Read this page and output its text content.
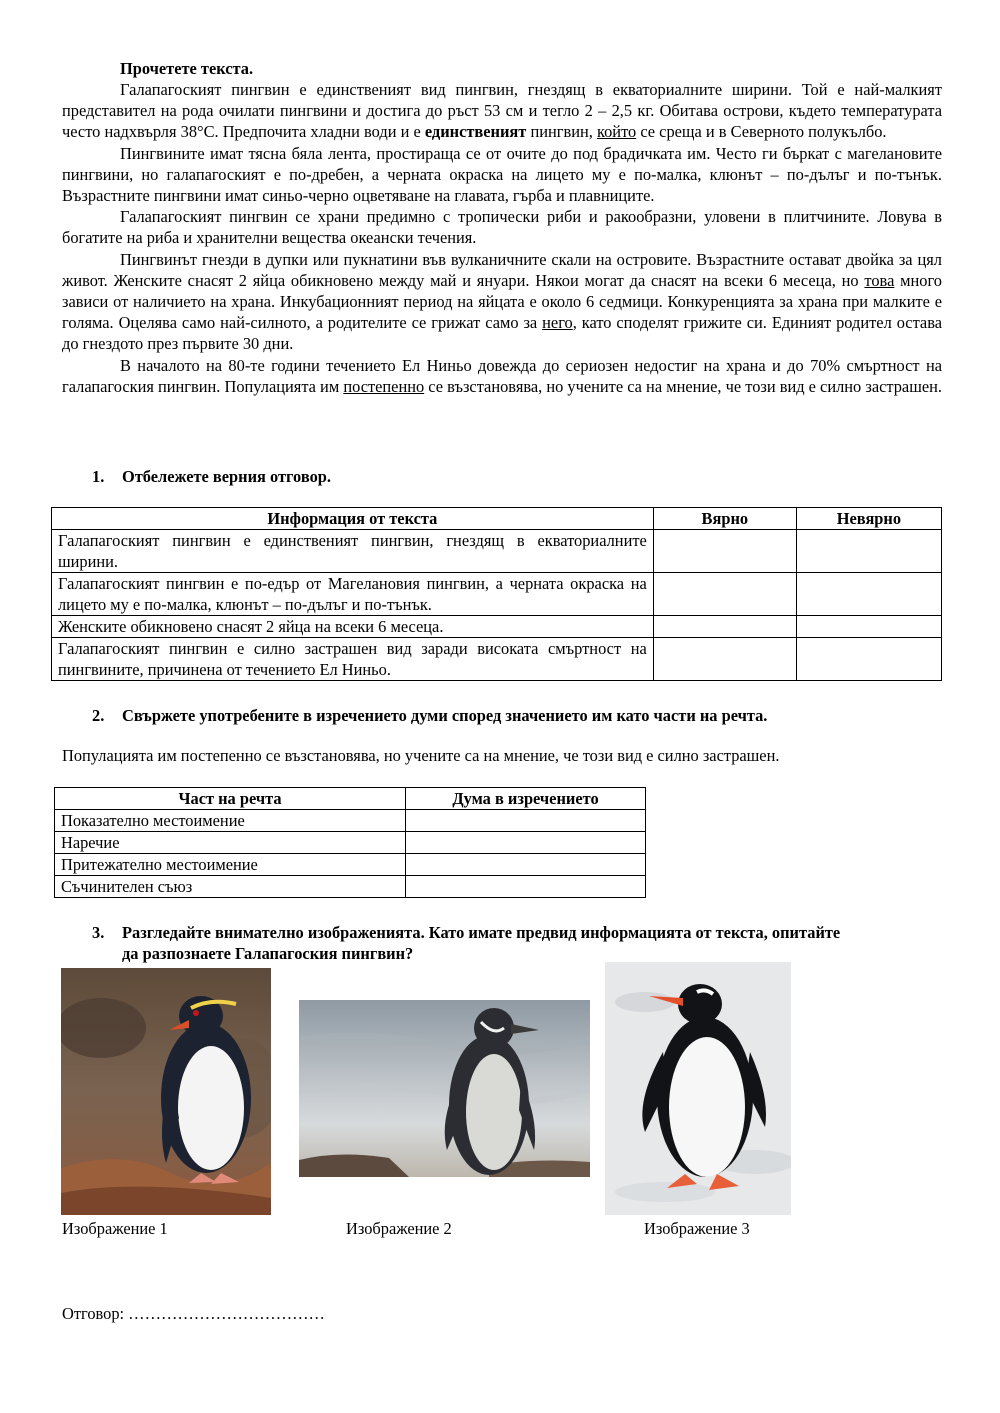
Прочетете текста.

Галапагоският пингвин е единственият вид пингвин, гнездящ в екваториалните ширини. Той е най-малкият представител на рода очилати пингвини и достига до ръст 53 см и тегло 2 – 2,5 кг. Обитава острови, където температурата често надхвърля 38°C. Предпочита хладни води и е единственият пингвин, който се среща и в Северното полукълбо.

Пингвините имат тясна бяла лента, простираща се от очите до под брадичката им. Често ги бъркат с магелановите пингвини, но галапагоският е по-дребен, а черната окраска на лицето му е по-малка, клюнът – по-дълъг и по-тънък. Възрастните пингвини имат синьо-черно оцветяване на главата, гърба и плавниците.

Галапагоският пингвин се храни предимно с тропически риби и ракообразни, уловени в плитчините. Ловува в богатите на риба и хранителни вещества океански течения.

Пингвинът гнезди в дупки или пукнатини във вулканичните скали на островите. Възрастните остават двойка за цял живот. Женските снасят 2 яйца обикновено между май и януари. Някои могат да снасят на всеки 6 месеца, но това много зависи от наличието на храна. Инкубационният период на яйцата е около 6 седмици. Конкуренцията за храна при малките е голяма. Оцелява само най-силното, а родителите се грижат само за него, като споделят грижите си. Единият родител остава до гнездото през първите 30 дни.

В началото на 80-те години течението Ел Ниньо довежда до сериозен недостиг на храна и до 70% смъртност на галапагоския пингвин. Популацията им постепенно се възстановява, но учените са на мнение, че този вид е силно застрашен.

1. Отбележете верния отговор.
Информация от текста	Вярно	Невярно
Галапагоският пингвин е единственият пингвин, гнездящ в екваториалните ширини.		
Галапагоският пингвин е по-едър от Магелановия пингвин, а черната окраска на лицето му е по-малка, клюнът – по-дълъг и по-тънък.		
Женските обикновено снасят 2 яйца на всеки 6 месеца.		
Галапагоският пингвин е силно застрашен вид заради високата смъртност на пингвините, причинена от течението Ел Ниньо.		
2. Свържете употребените в изречението думи според значението им като части на речта.
Популацията им постепенно се възстановява, но учените са на мнение, че този вид е силно застрашен.
Част на речта	Дума в изречението
Показателно местоимение	
Наречие	
Притежателно местоимение	
Съчинителен съюз	
3. Разгледайте внимателно изображенията. Като имате предвид информацията от текста, опитайте
да разпознаете Галапагоския пингвин?
Изображение 1	Изображение 2	Изображение 3
Отговор: ………………………………
